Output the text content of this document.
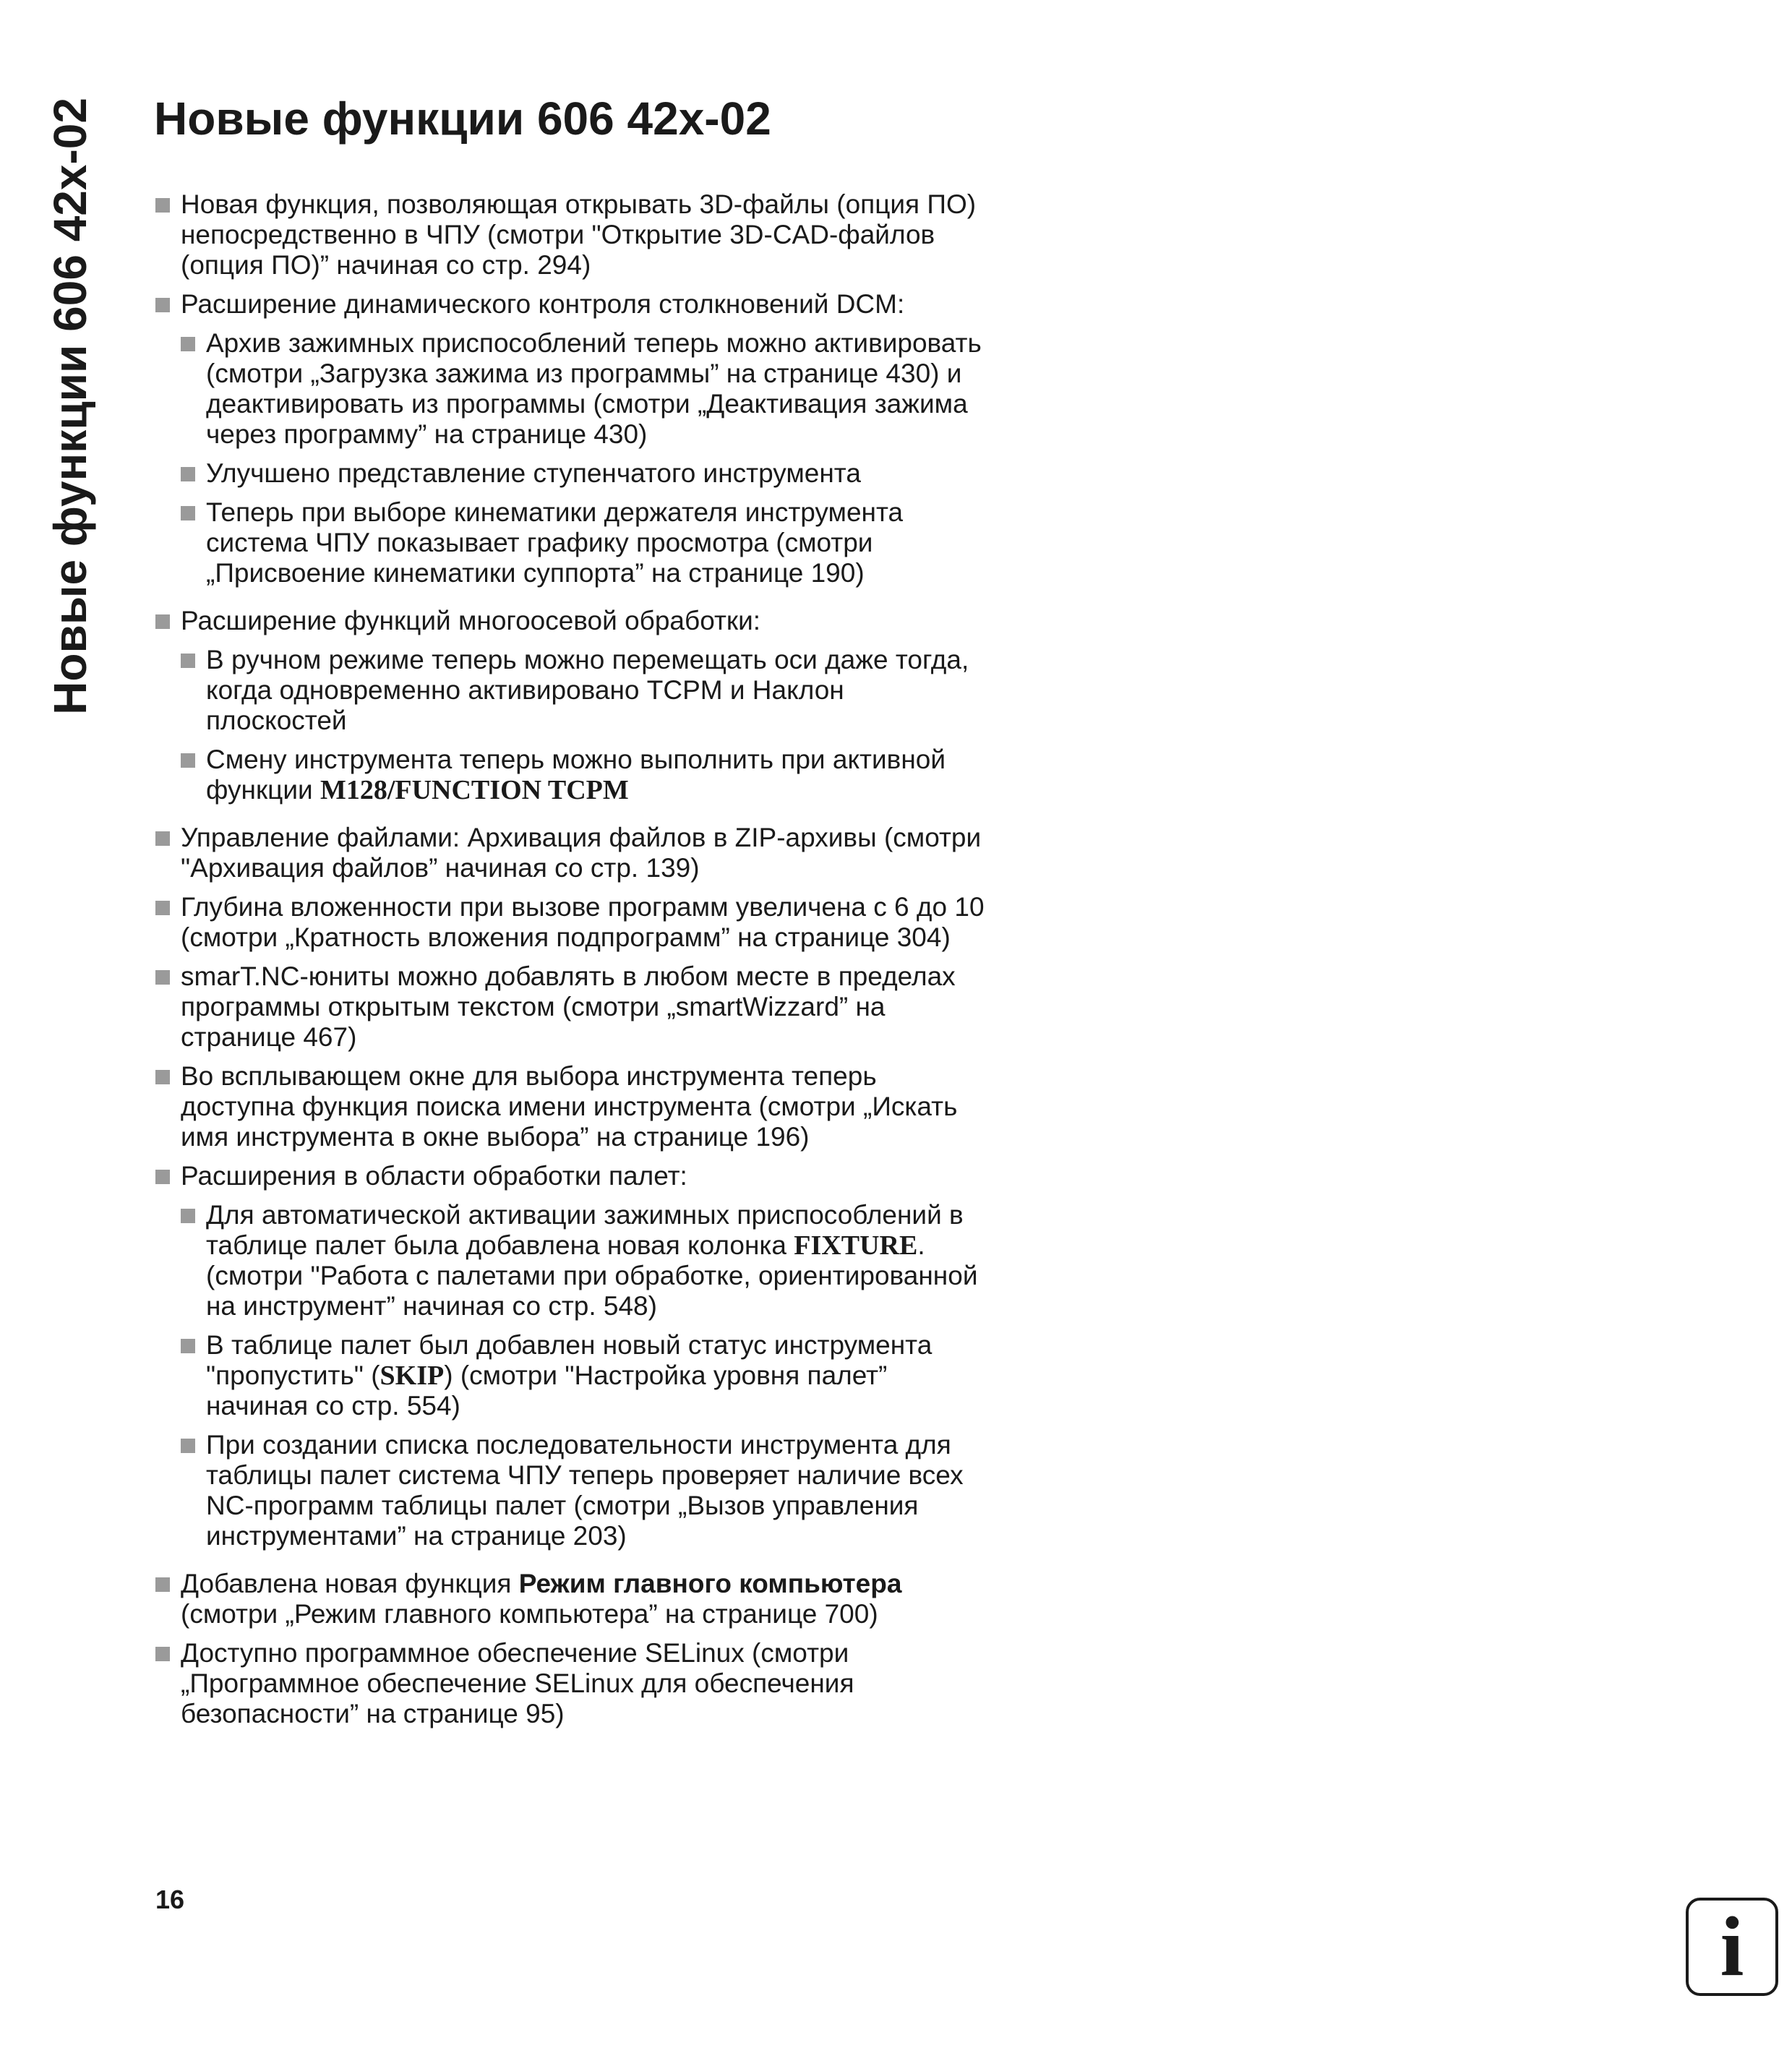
Новые функции 606 42x-02 Новые функции 606 42x-02
Новая функция, позволяющая открывать 3D-файлы (опция ПО)
непосредственно в ЧПУ (смотри "Открытие 3D-CAD-файлов
(опция ПО)” начиная со стр. 294)
Расширение динамического контроля столкновений DCM:
Архив зажимных приспособлений теперь можно активировать
(смотри „Загрузка зажима из программы” на странице 430) и
деактивировать из программы (смотри „Деактивация зажима
через программу” на странице 430)
Улучшено представление ступенчатого инструмента
Теперь при выборе кинематики держателя инструмента
система ЧПУ показывает графику просмотра (смотри
„Присвоение кинематики суппорта” на странице 190)
Расширение функций многоосевой обработки:
В ручном режиме теперь можно перемещать оси даже тогда,
когда одновременно активировано TCPM и Наклон
плоскостей
Смену инструмента теперь можно выполнить при активной
функции M128/FUNCTION TCPM
Управление файлами: Архивация файлов в ZIP-архивы (смотри
"Архивация файлов” начиная со стр. 139)
Глубина вложенности при вызове программ увеличена с 6 до 10
(смотри „Кратность вложения подпрограмм” на странице 304)
smarT.NC-юниты можно добавлять в любом месте в пределах
программы открытым текстом (смотри „smartWizzard” на
странице 467)
Во всплывающем окне для выбора инструмента теперь
доступна функция поиска имени инструмента (смотри „Искать
имя инструмента в окне выбора” на странице 196)
Расширения в области обработки палет:
Для автоматической активации зажимных приспособлений в
таблице палет была добавлена новая колонка FIXTURE.
(смотри "Работа с палетами при обработке, ориентированной
на инструмент” начиная со стр. 548)
В таблице палет был добавлен новый статус инструмента
"пропустить" (SKIP) (смотри "Настройка уровня палет”
начиная со стр. 554)
При создании списка последовательности инструмента для
таблицы палет система ЧПУ теперь проверяет наличие всех
NC-программ таблицы палет (смотри „Вызов управления
инструментами” на странице 203)
Добавлена новая функция Режим главного компьютера
(смотри „Режим главного компьютера” на странице 700)
Доступно программное обеспечение SELinux (смотри
„Программное обеспечение SELinux для обеспечения
безопасности” на странице 95)
16	i
